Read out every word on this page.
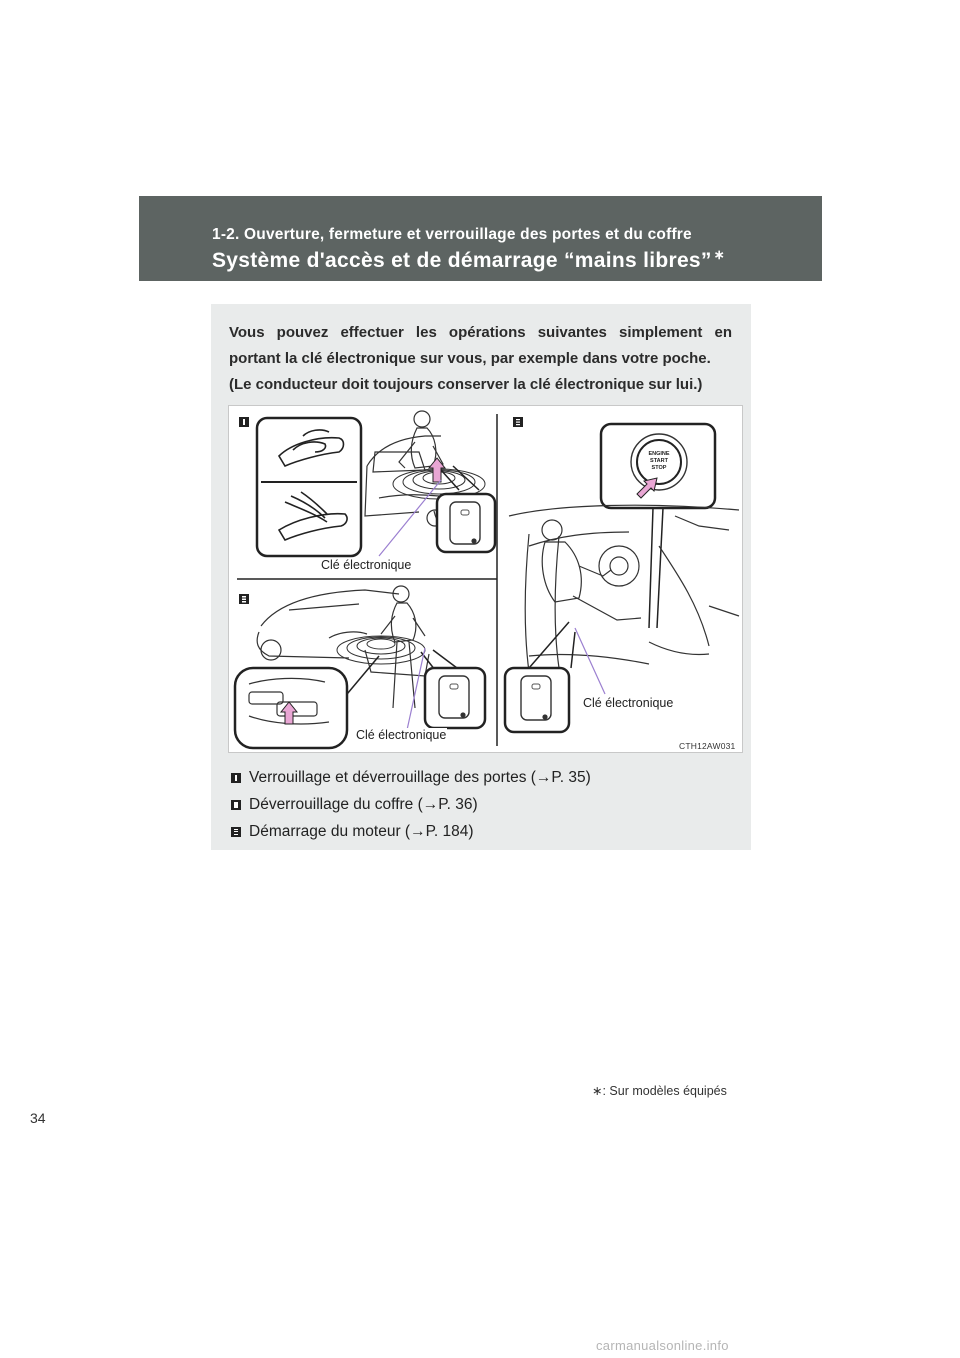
1-2. Ouverture, fermeture et verrouillage des portes et du coffre
Système d'accès et de démarrage “mains libres” ∗

Vous pouvez effectuer les opérations suivantes simplement en

portant la clé électronique sur vous, par exemple dans votre poche.

(Le conducteur doit toujours conserver la clé électronique sur lui.)

ENGINE
START
STOP
Clé électronique
Clé électronique
Clé électronique
CTH12AW031
Verrouillage et déverrouillage des portes (→P. 35)
Déverrouillage du coffre (→P. 36)
Démarrage du moteur (→P. 184)
∗: Sur modèles équipés
34
carmanualsonline.info
